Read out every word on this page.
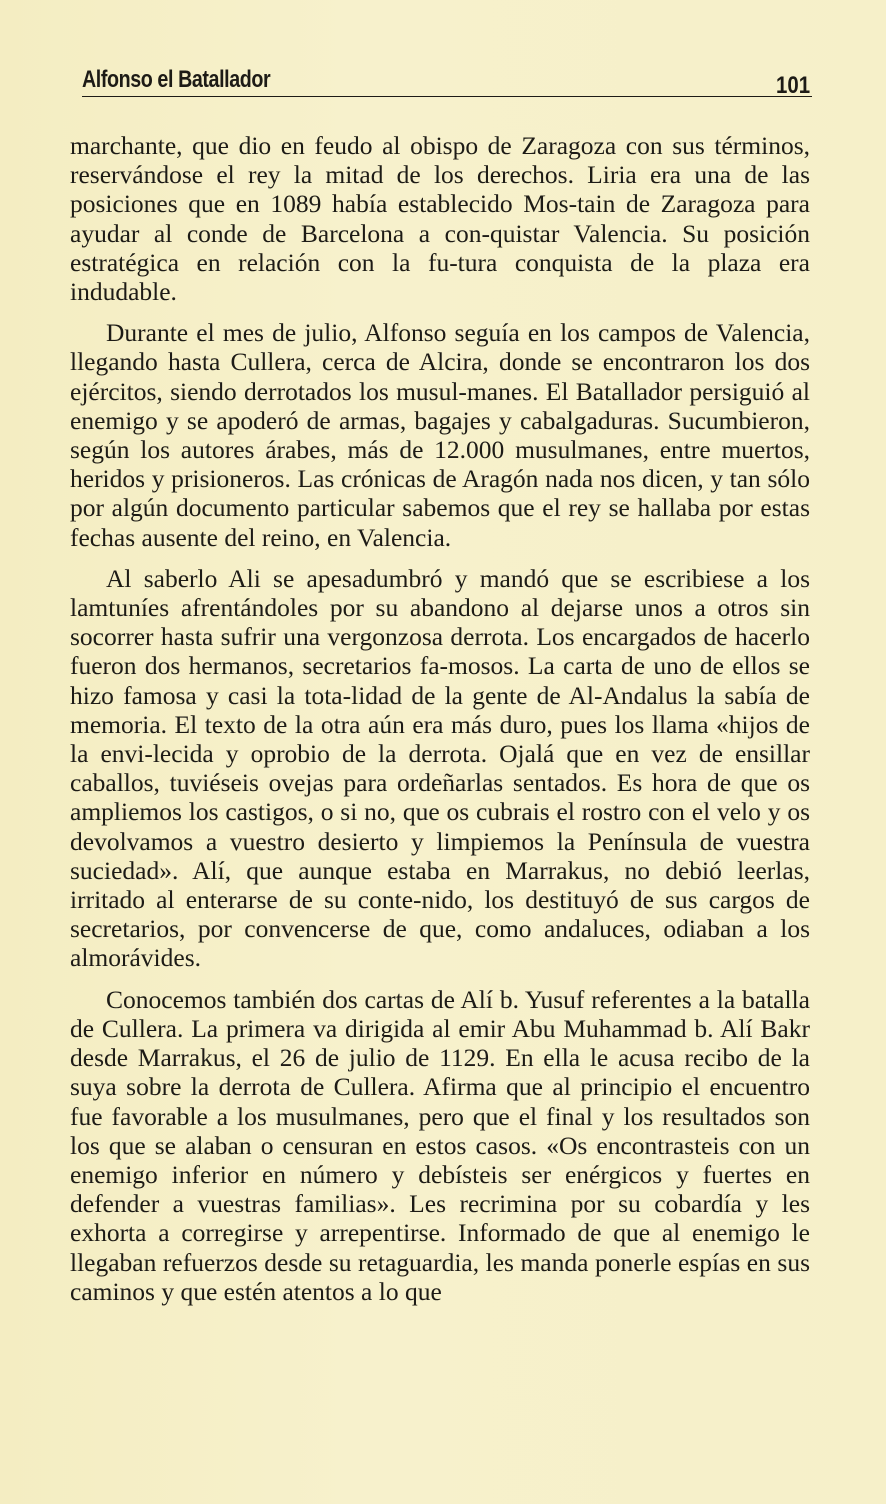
Alfonso el Batallador	101

marchante, que dio en feudo al obispo de Zaragoza con sus términos, reservándose el rey la mitad de los derechos. Liria era una de las posiciones que en 1089 había establecido Mos-tain de Zaragoza para ayudar al conde de Barcelona a con-quistar Valencia. Su posición estratégica en relación con la fu-tura conquista de la plaza era indudable.

Durante el mes de julio, Alfonso seguía en los campos de Valencia, llegando hasta Cullera, cerca de Alcira, donde se encontraron los dos ejércitos, siendo derrotados los musul-manes. El Batallador persiguió al enemigo y se apoderó de armas, bagajes y cabalgaduras. Sucumbieron, según los autores árabes, más de 12.000 musulmanes, entre muertos, heridos y prisioneros. Las crónicas de Aragón nada nos dicen, y tan sólo por algún documento particular sabemos que el rey se hallaba por estas fechas ausente del reino, en Valencia.

Al saberlo Ali se apesadumbró y mandó que se escribiese a los lamtuníes afrentándoles por su abandono al dejarse unos a otros sin socorrer hasta sufrir una vergonzosa derrota. Los encargados de hacerlo fueron dos hermanos, secretarios fa-mosos. La carta de uno de ellos se hizo famosa y casi la tota-lidad de la gente de Al-Andalus la sabía de memoria. El texto de la otra aún era más duro, pues los llama «hijos de la envi-lecida y oprobio de la derrota. Ojalá que en vez de ensillar caballos, tuviéseis ovejas para ordeñarlas sentados. Es hora de que os ampliemos los castigos, o si no, que os cubrais el rostro con el velo y os devolvamos a vuestro desierto y limpiemos la Península de vuestra suciedad». Alí, que aunque estaba en Marrakus, no debió leerlas, irritado al enterarse de su conte-nido, los destituyó de sus cargos de secretarios, por convencerse de que, como andaluces, odiaban a los almorávides.

Conocemos también dos cartas de Alí b. Yusuf referentes a la batalla de Cullera. La primera va dirigida al emir Abu Muhammad b. Alí Bakr desde Marrakus, el 26 de julio de 1129. En ella le acusa recibo de la suya sobre la derrota de Cullera. Afirma que al principio el encuentro fue favorable a los musulmanes, pero que el final y los resultados son los que se alaban o censuran en estos casos. «Os encontrasteis con un enemigo inferior en número y debísteis ser enérgicos y fuertes en defender a vuestras familias». Les recrimina por su cobardía y les exhorta a corregirse y arrepentirse. Informado de que al enemigo le llegaban refuerzos desde su retaguardia, les manda ponerle espías en sus caminos y que estén atentos a lo que
